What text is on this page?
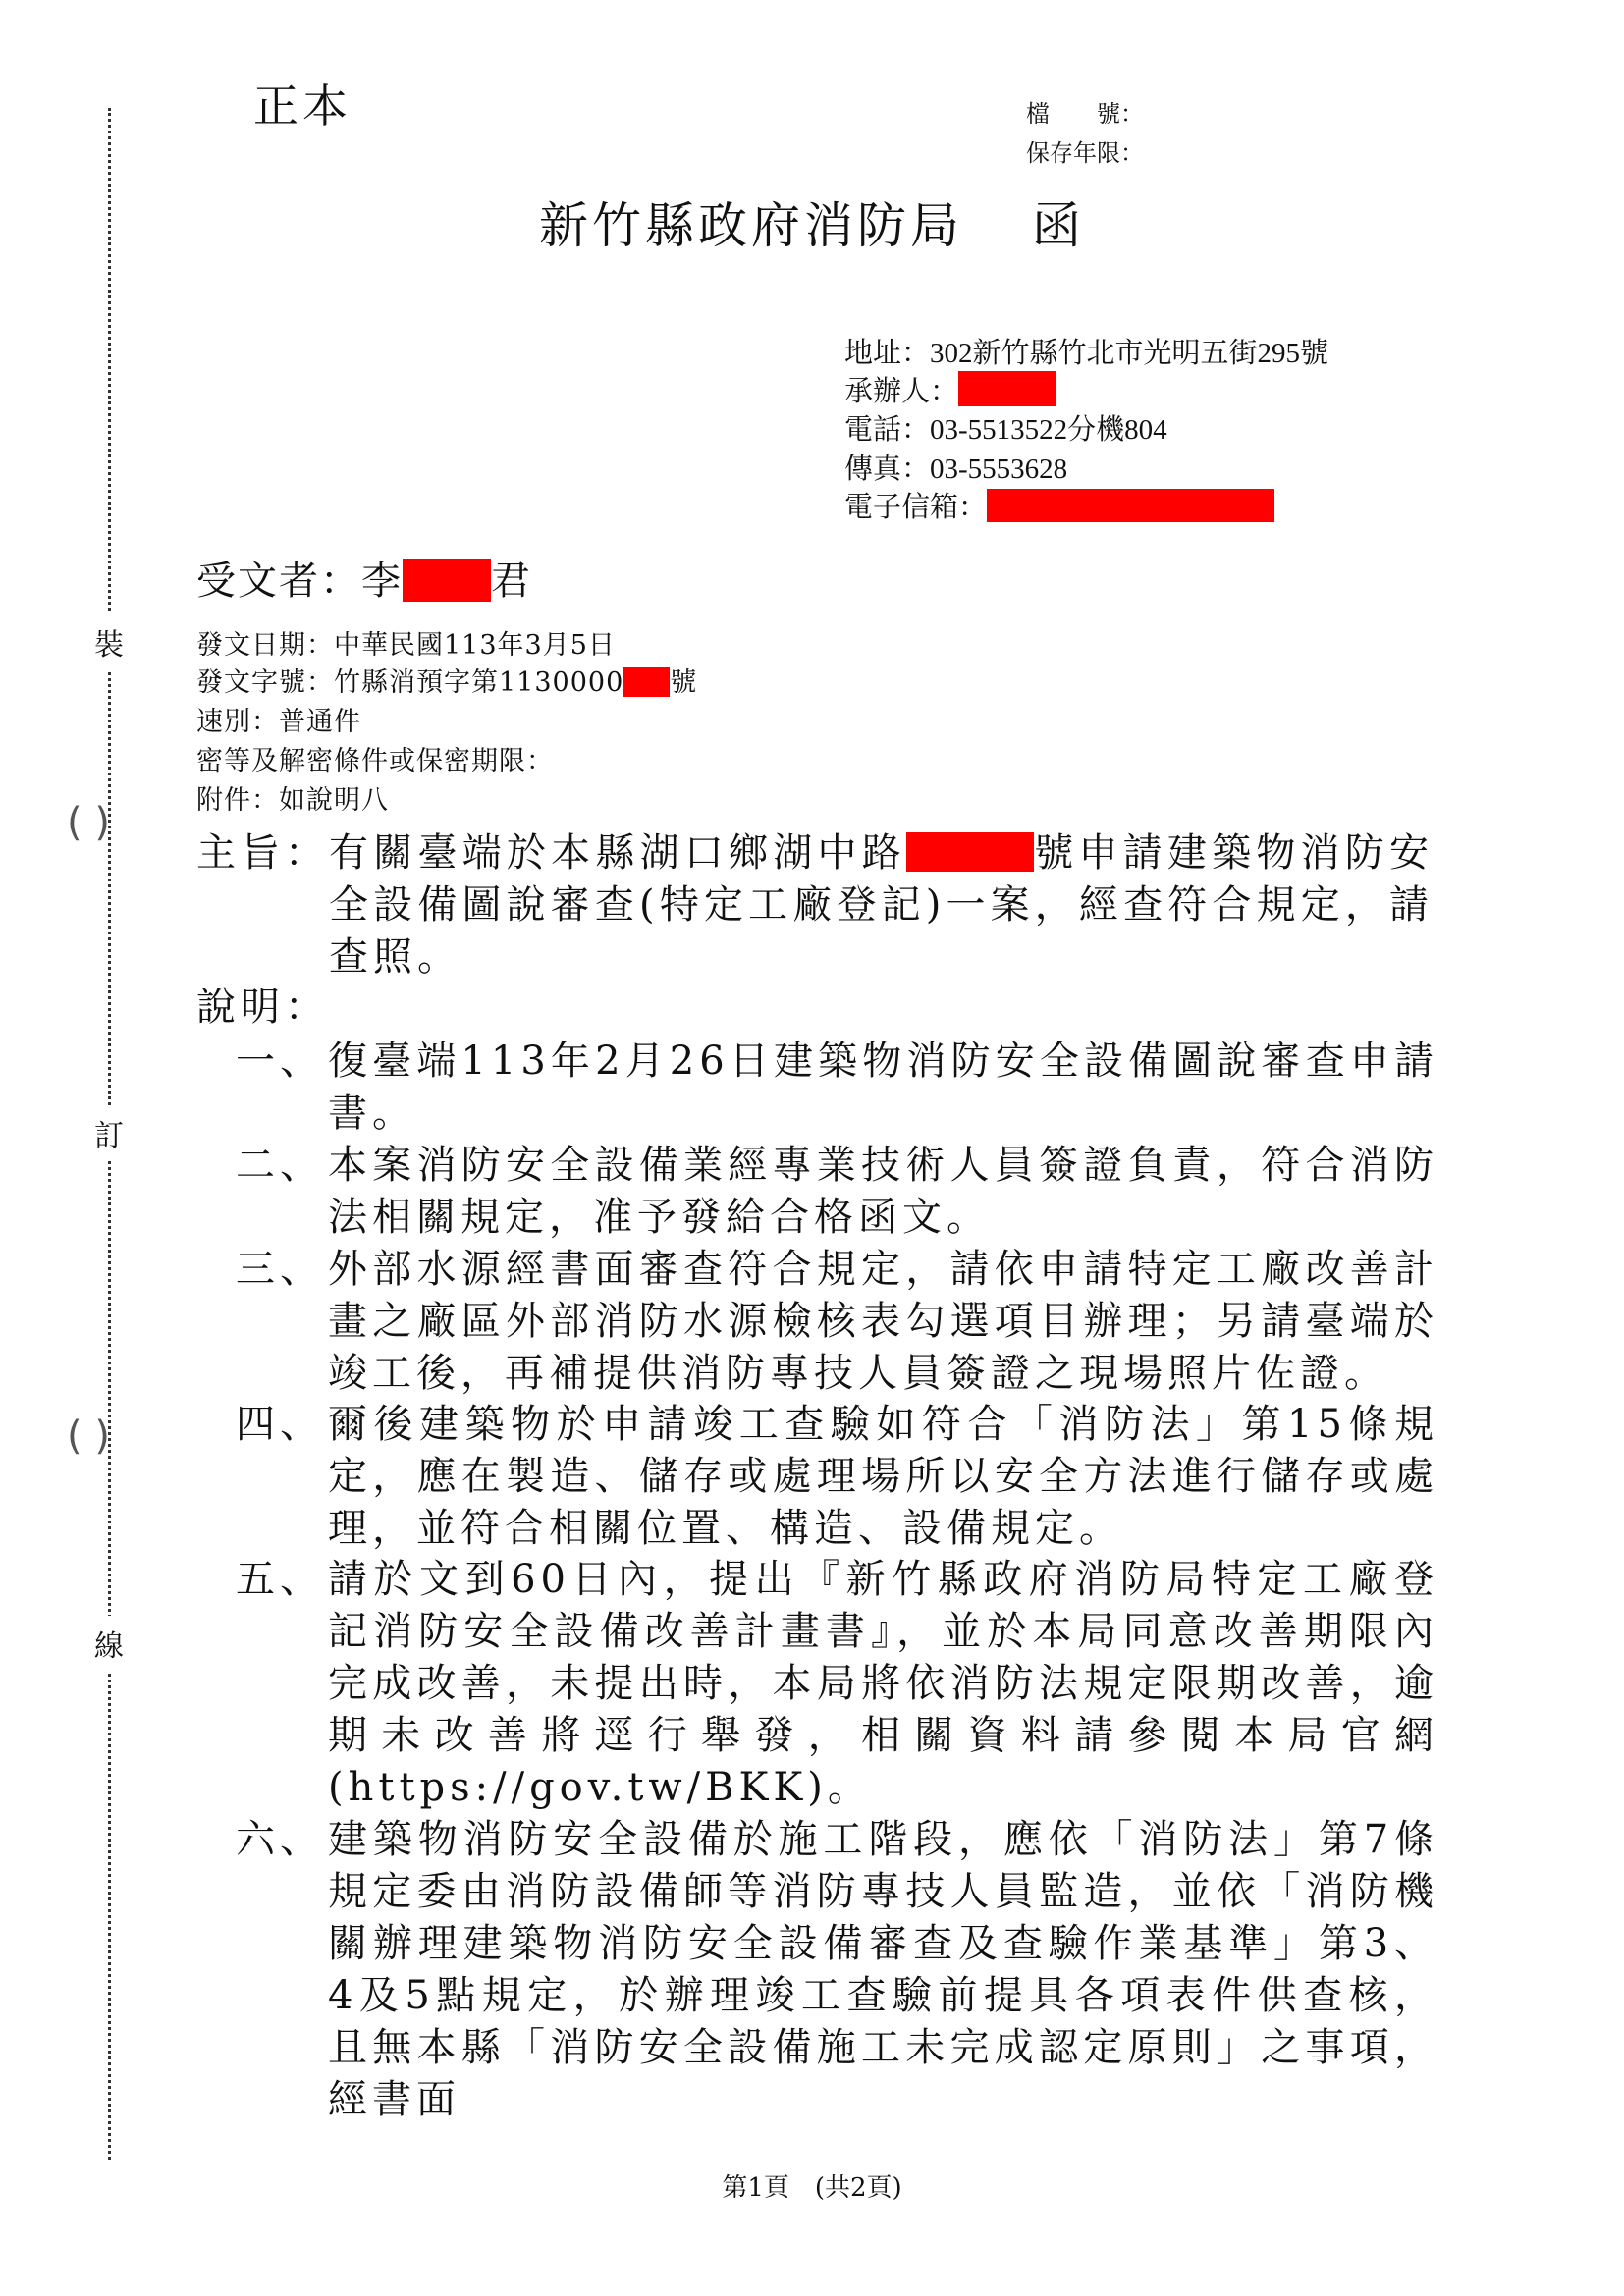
裝
訂
線
( )
( )
正本	檔　　號：
保存年限：
新竹縣政府消防局 函
地址：302新竹縣竹北市光明五街295號
承辦人：
電話：03-5513522分機804
傳真：03-5553628
電子信箱：
受文者：李 君
發文日期：中華民國113年3月5日
發文字號：竹縣消預字第1130000 號
速別：普通件
密等及解密條件或保密期限：
附件：如說明八
主旨：	有關臺端於本縣湖口鄉湖中路	號申請建築物消防安全設備圖說審查(特定工廠登記)一案，經查符合規定，請查照。
說明：
一、 復臺端113年2月26日建築物消防安全設備圖說審查申請書。
二、 本案消防安全設備業經專業技術人員簽證負責，符合消防法相關規定，准予發給合格函文。
三、 外部水源經書面審查符合規定，請依申請特定工廠改善計畫之廠區外部消防水源檢核表勾選項目辦理；另請臺端於竣工後，再補提供消防專技人員簽證之現場照片佐證。
四、 爾後建築物於申請竣工查驗如符合「消防法」第15條規定，應在製造、儲存或處理場所以安全方法進行儲存或處理，並符合相關位置、構造、設備規定。
五、 請於文到60日內，提出『新竹縣政府消防局特定工廠登記消防安全設備改善計畫書』，並於本局同意改善期限內完成改善，未提出時，本局將依消防法規定限期改善，逾期未改善將逕行舉發，相關資料請參閱本局官網(https://gov.tw/BKK)。
六、 建築物消防安全設備於施工階段，應依「消防法」第7條規定委由消防設備師等消防專技人員監造，並依「消防機關辦理建築物消防安全設備審查及查驗作業基準」第3、4及5點規定，於辦理竣工查驗前提具各項表件供查核，且無本縣「消防安全設備施工未完成認定原則」之事項，經書面
第1頁　(共2頁)
